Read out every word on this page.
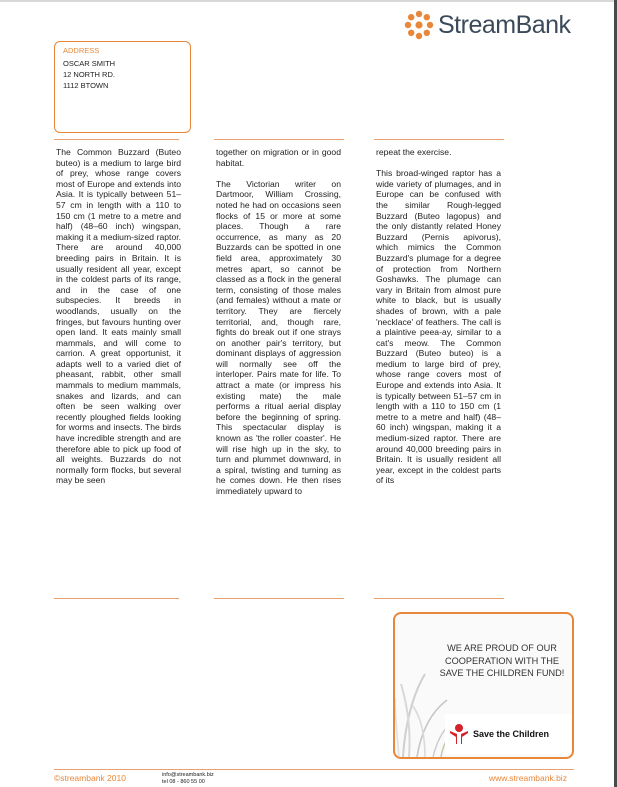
StreamBank
ADDRESS
OSCAR SMITH
12 NORTH RD.
1112 BTOWN

The Common Buzzard (Buteo buteo) is a medium to large bird of prey, whose range covers most of Europe and extends into Asia. It is typically between 51–57 cm in length with a 110 to 150 cm (1 metre to a metre and half) (48–60 inch) wingspan, making it a medium-sized raptor. There are around 40,000 breeding pairs in Britain. It is usually resident all year, except in the coldest parts of its range, and in the case of one subspecies. It breeds in woodlands, usually on the fringes, but favours hunting over open land. It eats mainly small mammals, and will come to carrion. A great opportunist, it adapts well to a varied diet of pheasant, rabbit, other small mammals to medium mammals, snakes and lizards, and can often be seen walking over recently ploughed fields looking for worms and insects. The birds have incredible strength and are therefore able to pick up food of all weights. Buzzards do not normally form flocks, but several may be seen

together on migration or in good habitat.

The Victorian writer on Dartmoor, William Crossing, noted he had on occasions seen flocks of 15 or more at some places. Though a rare occurrence, as many as 20 Buzzards can be spotted in one field area, approximately 30 metres apart, so cannot be classed as a flock in the general term, consisting of those males (and females) without a mate or territory. They are fiercely territorial, and, though rare, fights do break out if one strays on another pair's territory, but dominant displays of aggression will normally see off the interloper. Pairs mate for life. To attract a mate (or impress his existing mate) the male performs a ritual aerial display before the beginning of spring. This spectacular display is known as 'the roller coaster'. He will rise high up in the sky, to turn and plummet downward, in a spiral, twisting and turning as he comes down. He then rises immediately upward to

repeat the exercise.

This broad-winged raptor has a wide variety of plumages, and in Europe can be confused with the similar Rough-legged Buzzard (Buteo lagopus) and the only distantly related Honey Buzzard (Pernis apivorus), which mimics the Common Buzzard's plumage for a degree of protection from Northern Goshawks. The plumage can vary in Britain from almost pure white to black, but is usually shades of brown, with a pale 'necklace' of feathers. The call is a plaintive peea-ay, similar to a cat's meow. The Common Buzzard (Buteo buteo) is a medium to large bird of prey, whose range covers most of Europe and extends into Asia. It is typically between 51–57 cm in length with a 110 to 150 cm (1 metre to a metre and half) (48–60 inch) wingspan, making it a medium-sized raptor. There are around 40,000 breeding pairs in Britain. It is usually resident all year, except in the coldest parts of its

WE ARE PROUD OF OUR
COOPERATION WITH THE
SAVE THE CHILDREN FUND!
Save the Children
©streambank 2010	info@streambank.biz
tel 08 - 860 55 00	www.streambank.biz
